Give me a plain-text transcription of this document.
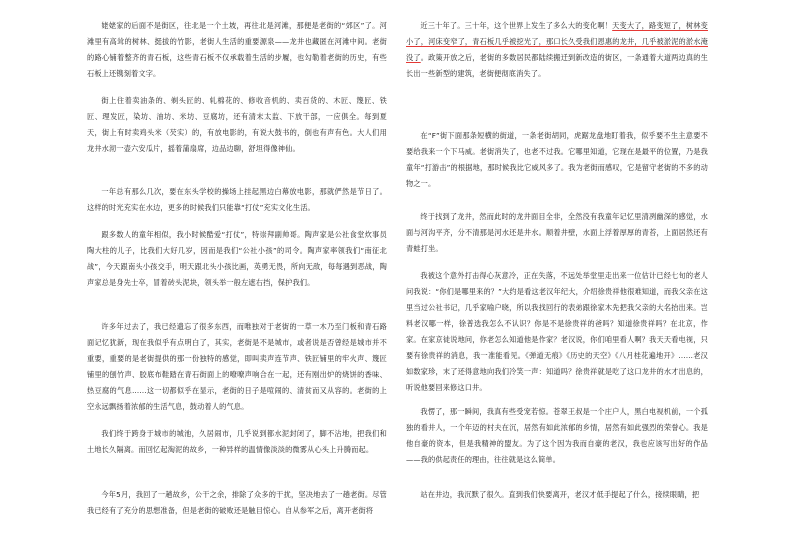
姥姥家的后面不是街区，往北是一个土坡，再往北是河滩，那便是老街的“郊区”了。河滩里有高耸的树林、挺拔的竹影，老街人生活的重要源泉——龙井也藏匿在河滩中间。老街的路心铺着整齐的青石板，这些青石板不仅承载着生活的步履，也勾勒着老街的历史，有些石板上还镌刻着文字。

街上住着卖油条的、剃头匠的、轧棉花的、修收音机的、卖百货的、木匠、篾匠、铁匠、理发匠，染坊、油坊、米坊、豆腐坊，还有清末太监、下放干部，一应俱全。每到夏天，街上有时卖鸡头米（芡实）的，有放电影的，有说大鼓书的，倒也有声有色。大人们用龙井水沏一壶六安瓜片，摇着蒲扇席，边品边聊，舒坦得像神仙。

一年总有那么几次，要在东头学校的操场上挂起黑边白幕放电影，那就俨然是节日了。这样的时光充实在水边，更多的时候我们只能靠“打仗”充实文化生活。

跟多数人的童年相似，我小时候酷爱“打仗”，特崇拜副帅哥。陶声家是公社食堂炊事员陶大柱的儿子，比我们大好几岁，因而是我们“公社小孩”的司令。陶声家率领我们“南征北战”，今天跟南头小孩交手，明天跟北头小孩比画，英勇无畏，所向无敌，每每遇到恶战，陶声家总是身先士卒，冒着砖头泥块，领头举一般左遮右挡，保护我们。

许多年过去了，我已经遗忘了很多东西，而唯独对于老街的一草一木乃至门板和青石路面记忆犹新，现在我似乎有点明白了，其实，老街是不是城市，或者说是否曾经是城市并不重要，重要的是老街提供的那一份独特的感觉，即叫卖声连节声、铁匠铺里的牢火声、篾匠铺里的刨竹声、胶底布鞋踏在青石街面上的嘹嘹声响合在一起，还有刚出炉的烧饼的香味、热豆腐的气息……这一切都似乎在显示，老街的日子是喧闹的、清贫而又从容的。老街的上空永远飘扬着浓郁的生活气息，鼓动着人的气息。

我们终于跨身于城市的城池，久居闹市，几乎说到都水泥封闭了，脚不沾地，把我们和土地长久隔离。而回忆起淘泥的故乡，一种异样的温情像淡淡的微雾从心头上升腾而起。

今年5月，我回了一趟故乡，公干之余，排除了众多的干扰，坚决地去了一趟老街。尽管我已经有了充分的思想准备，但是老街的破败还是触目惊心。自从参军之后，离开老街将

近三十年了。三十年，这个世界上发生了多么大的变化啊！天变大了，路变短了，树林变小了，河床变窄了，青石板几乎被挖光了，那口长久受我们恩惠的龙井，几乎被淤泥的淤水淹没了。政策开放之后，老街的多数居民都陆续搬迁到新改造的街区，一条通着大道两边真的生长出一些新型的建筑，老街便彻底消失了。

在“F”街下面那条短横的街道，一条老街胡同，虎踞龙盘地盯着我，似乎要不生主意要不要给我来一个下马威。老街消失了，也老不过我。它哪里知道，它现在是最平的位置，乃是我童年“打游击”的根据地，那时候我比它威风多了。我为老街而感叹，它是留守老街的不多的动物之一。

终于找到了龙井，然而此时的龙井面目全非，全然没有我童年记忆里清冽幽深的感觉，水面与河沟平齐，分不清那是河水还是井水。顺着井壁，水面上浮着厚厚的青苔，上面居然还有青蛙打坐。

我被这个意外打击得心灰意冷，正在失落，不远处举堂里走出来一位估计已经七旬的老人问我说：“你们是哪里来的？”大约是看这老汉年纪大，介绍徐贵祥他很难知道，而我父亲在这里当过公社书记，几乎家喻户晓，所以我找回行的表弟跟徐家木先把我父亲的大名抬出来。岂料老汉哪一样，徐普选我怎么不认识？你是不是徐贵祥的爸吗？知道徐贵祥吗？在北京，作家。在家京徒说地问，你老怎么知道他是作家？老汉说，你们咱里看人啊？我天天看电视，只要有徐贵祥的消息，我一准能看见。《弹道无痕》《历史的天空》《八月桂花遍地开》……老汉如数家珍，末了还得意地向我们冷笑一声：知道吗？徐贵祥就是吃了这口龙井的水才出息的，听说他要回来修这口井。

我愣了，那一瞬间，我真有些受宠若惊。苍翠王叔是一个庄户人，黑白电视机前，一个孤独的看井人，一个年迈的村夫在沉，居然有如此浓郁的乡情，居然有如此强烈的荣誉心。我是他自豪的资本，但是我精神的盟友。为了这个因为我而自豪的老汉，我也应该写出好的作品——我的供起责任的理由，往往就是这么简单。

站在井边，我沉默了很久。直到我们快要离开，老汉才低手提起了什么，接续眼睛，把
